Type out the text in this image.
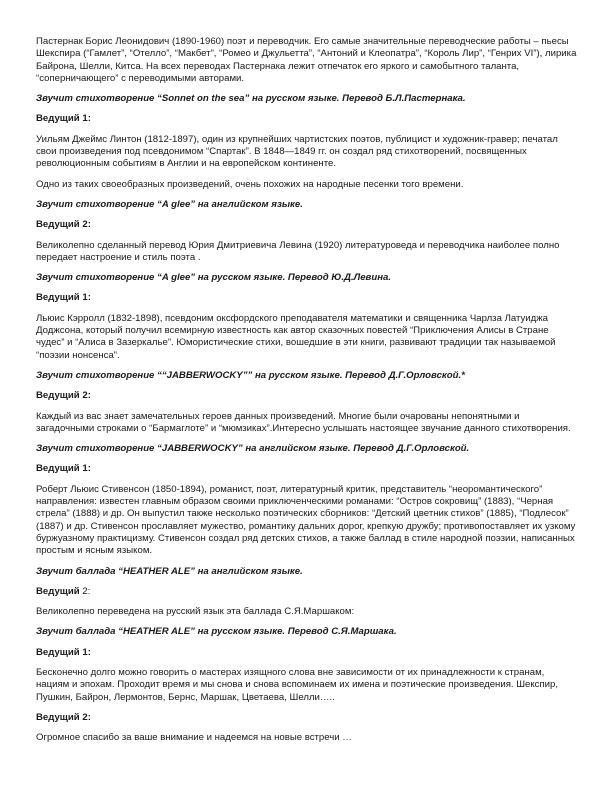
Пастернак Борис Леонидович (1890-1960) поэт и переводчик. Его самые значительные переводческие работы – пьесы Шекспира (“Гамлет”, “Отелло”, “Макбет”, “Ромео и Джульетта”, “Антоний и Клеопатра”, “Король Лир”, “Генрих VI”), лирика Байрона, Шелли, Китса. На всех переводах Пастернака лежит отпечаток его яркого и самобытного таланта, “соперничающего” с переводимыми авторами.

Звучит стихотворение “Sonnet on the sea” на русском языке. Перевод Б.Л.Пастернака.

Ведущий 1:

Уильям Джеймс Линтон (1812-1897), один из крупнейших чартистских поэтов, публицист и художник-гравер; печатал свои произведения под псевдонимом “Спартак”. В 1848—1849 гг. он создал ряд стихотворений, посвященных революционным событиям в Англии и на европейском континенте.

Одно из таких своеобразных произведений, очень похожих на народные песенки того времени.

Звучит стихотворение “A glee” на английском языке.

Ведущий 2:

Великолепно сделанный перевод Юрия Дмитриевича Левина (1920) литературоведа и переводчика наиболее полно передает настроение и стиль поэта .

Звучит стихотворение “A glee” на русском языке. Перевод Ю.Д.Левина.

Ведущий 1:

Льюис Кэрролл (1832-1898), псевдоним оксфордского преподавателя математики и священника Чарлза Латуиджа Доджсона, который получил всемирную известность как автор сказочных повестей “Приключения Алисы в Стране чудес” и “Алиса в Зазеркалье”. Юмористические стихи, вошедшие в эти книги, развивают традиции так называемой “поэзии нонсенса”.

Звучит стихотворение ““JABBERWOCKY”” на русском языке. Перевод Д.Г.Орловской.*

Ведущий 2:

Каждый из вас знает замечательных героев данных произведений. Многие были очарованы непонятными и загадочными строками о “Бармаглоте” и “мюмзиках”.Интересно услышать настоящее звучание данного стихотворения.

Звучит стихотворение “JABBERWOCKY” на английском языке. Перевод Д.Г.Орловской.

Ведущий 1:

Роберт Льюис Стивенсон (1850-1894), романист, поэт, литературный критик, представитель “неоромантического” направления: известен главным образом своими приключенческими романами: “Остров сокровищ” (1883), “Черная стрела” (1888) и др. Он выпустил также несколько поэтических сборников: “Детский цветник стихов” (1885), “Подлесок” (1887) и др. Стивенсон прославляет мужество, романтику дальних дорог, крепкую дружбу; противопоставляет их узкому буржуазному практицизму. Стивенсон создал ряд детских стихов, а также баллад в стиле народной поэзии, написанных простым и ясным языком.

Звучит баллада “HEATHER ALE” на английском языке.

Ведущий 2:

Великолепно переведена на русский язык эта баллада С.Я.Маршаком:

Звучит баллада “HEATHER ALE” на русском языке. Перевод С.Я.Маршака.

Ведущий 1:

Бесконечно долго можно говорить о мастерах изящного слова вне зависимости от их принадлежности к странам, нациям и эпохам. Проходит время и мы снова и снова вспоминаем их имена и поэтические произведения. Шекспир, Пушкин, Байрон, Лермонтов, Бернс, Маршак, Цветаева, Шелли…..

Ведущий 2:

Огромное спасибо за ваше внимание и надеемся на новые встречи …
